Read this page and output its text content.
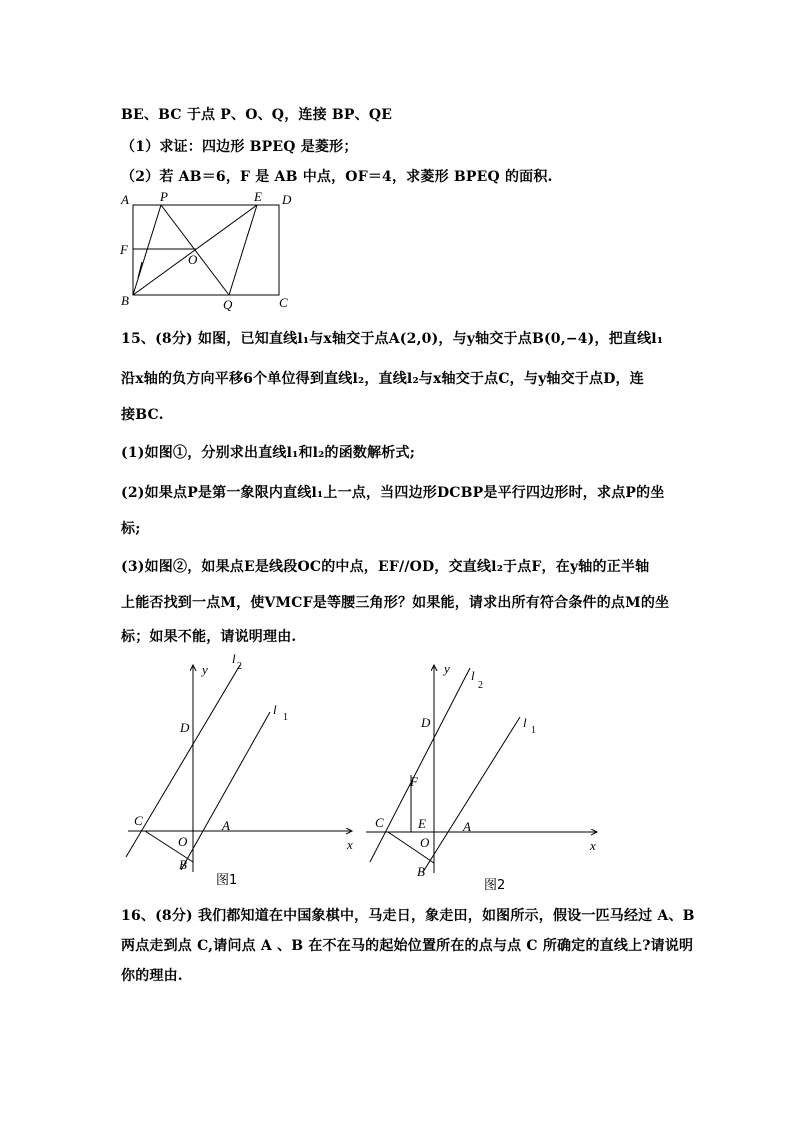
BE、BC 于点 P、O、Q，连接 BP、QE
（1）求证：四边形 BPEQ 是菱形；
（2）若 AB＝6，F 是 AB 中点，OF＝4，求菱形 BPEQ 的面积.
A P	E D
F
O
B	Q	C
15、(8分) 如图，已知直线l₁与x轴交于点A(2,0)，与y轴交于点B(0,−4)，把直线l₁
沿x轴的负方向平移6个单位得到直线l₂，直线l₂与x轴交于点C，与y轴交于点D，连
接BC.
(1)如图①，分别求出直线l₁和l₂的函数解析式;
(2)如果点P是第一象限内直线l₁上一点，当四边形DCBP是平行四边形时，求点P的坐
标;
(3)如图②，如果点E是线段OC的中点，EF//OD，交直线l₂于点F，在y轴的正半轴
上能否找到一点M，使VMCF是等腰三角形？如果能，请求出所有符合条件的点M的坐
标；如果不能，请说明理由.
y
l
2
l
1
D
C	A
O	x
B
图1
y l
2
l
1
D
F
C	E	A
O	x
B
图2
16、(8分) 我们都知道在中国象棋中，马走日，象走田，如图所示，假设一匹马经过 A、B
两点走到点 C,请问点 A 、B 在不在马的起始位置所在的点与点 C 所确定的直线上?请说明
你的理由.
